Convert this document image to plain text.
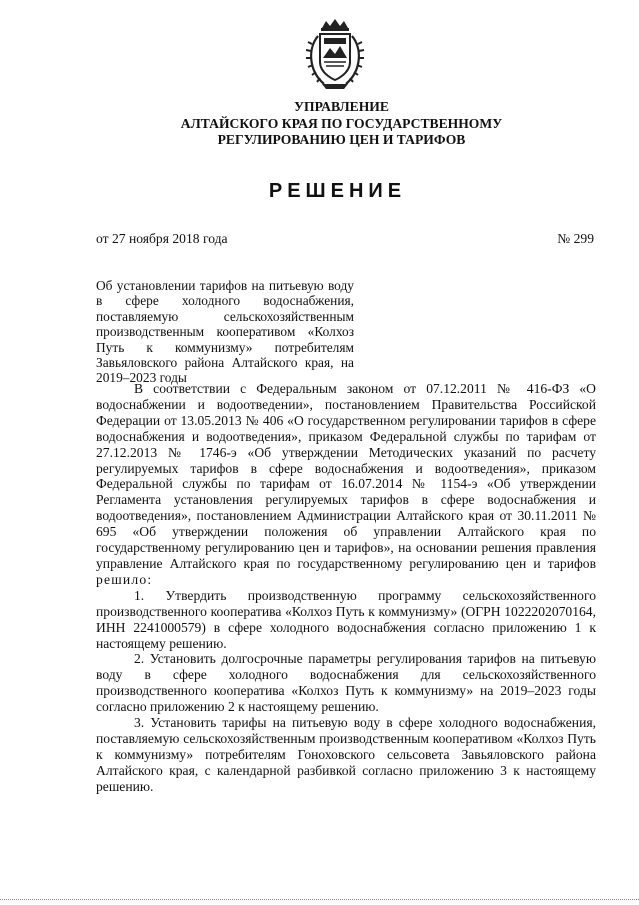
УПРАВЛЕНИЕ
АЛТАЙСКОГО КРАЯ ПО ГОСУДАРСТВЕННОМУ
РЕГУЛИРОВАНИЮ ЦЕН И ТАРИФОВ
РЕШЕНИЕ
от 27 ноября 2018 года	№ 299
Об установлении тарифов на питьевую воду в сфере холодного водоснабжения, поставляемую сельскохозяйственным производственным кооперативом «Колхоз Путь к коммунизму» потребителям Завьяловского района Алтайского края, на 2019–2023 годы

В соответствии с Федеральным законом от 07.12.2011 № 416-ФЗ «О водоснабжении и водоотведении», постановлением Правительства Российской Федерации от 13.05.2013 № 406 «О государственном регулировании тарифов в сфере водоснабжения и водоотведения», приказом Федеральной службы по тарифам от 27.12.2013 № 1746-э «Об утверждении Методических указаний по расчету регулируемых тарифов в сфере водоснабжения и водоотведения», приказом Федеральной службы по тарифам от 16.07.2014 № 1154-э «Об утверждении Регламента установления регулируемых тарифов в сфере водоснабжения и водоотведения», постановлением Администрации Алтайского края от 30.11.2011 № 695 «Об утверждении положения об управлении Алтайского края по государственному регулированию цен и тарифов», на основании решения правления управление Алтайского края по государственному регулированию цен и тарифов решило:

1. Утвердить производственную программу сельскохозяйственного производственного кооператива «Колхоз Путь к коммунизму» (ОГРН 1022202070164, ИНН 2241000579) в сфере холодного водоснабжения согласно приложению 1 к настоящему решению.

2. Установить долгосрочные параметры регулирования тарифов на питьевую воду в сфере холодного водоснабжения для сельскохозяйственного производственного кооператива «Колхоз Путь к коммунизму» на 2019–2023 годы согласно приложению 2 к настоящему решению.

3. Установить тарифы на питьевую воду в сфере холодного водоснабжения, поставляемую сельскохозяйственным производственным кооперативом «Колхоз Путь к коммунизму» потребителям Гоноховского сельсовета Завьяловского района Алтайского края, с календарной разбивкой согласно приложению 3 к настоящему решению.
